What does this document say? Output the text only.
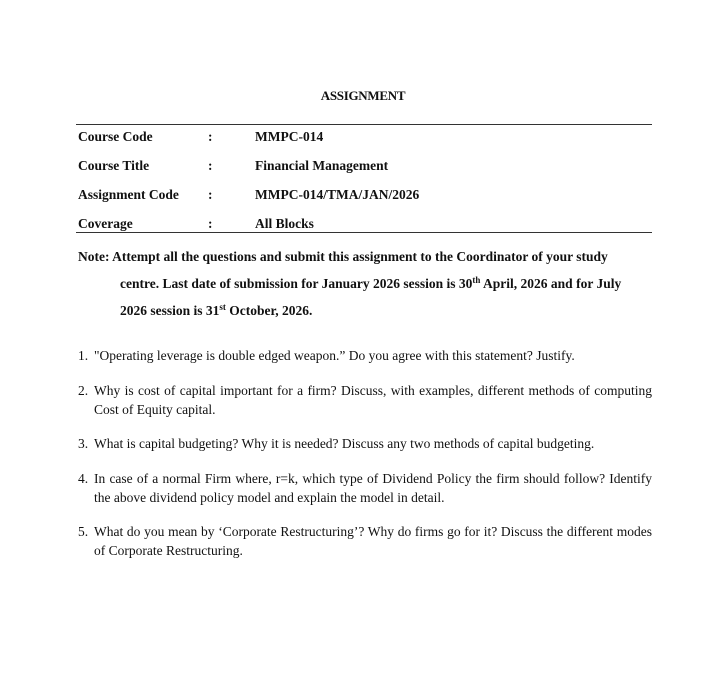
ASSIGNMENT
Course Code	:	MMPC-014
Course Title	:	Financial Management
Assignment Code :	MMPC-014/TMA/JAN/2026
Coverage	:	All Blocks
Note: Attempt all the questions and submit this assignment to the Coordinator of your study
centre. Last date of submission for January 2026 session is 30th April, 2026 and for July
2026 session is 31st October, 2026.
1. "Operating leverage is double edged weapon.” Do you agree with this statement? Justify.
2. Why is cost of capital important for a firm? Discuss, with examples, different methods of computing Cost of Equity capital.
3. What is capital budgeting? Why it is needed? Discuss any two methods of capital budgeting.
4. In case of a normal Firm where, r=k, which type of Dividend Policy the firm should follow? Identify the above dividend policy model and explain the model in detail.
5. What do you mean by ‘Corporate Restructuring’? Why do firms go for it? Discuss the different modes of Corporate Restructuring.
